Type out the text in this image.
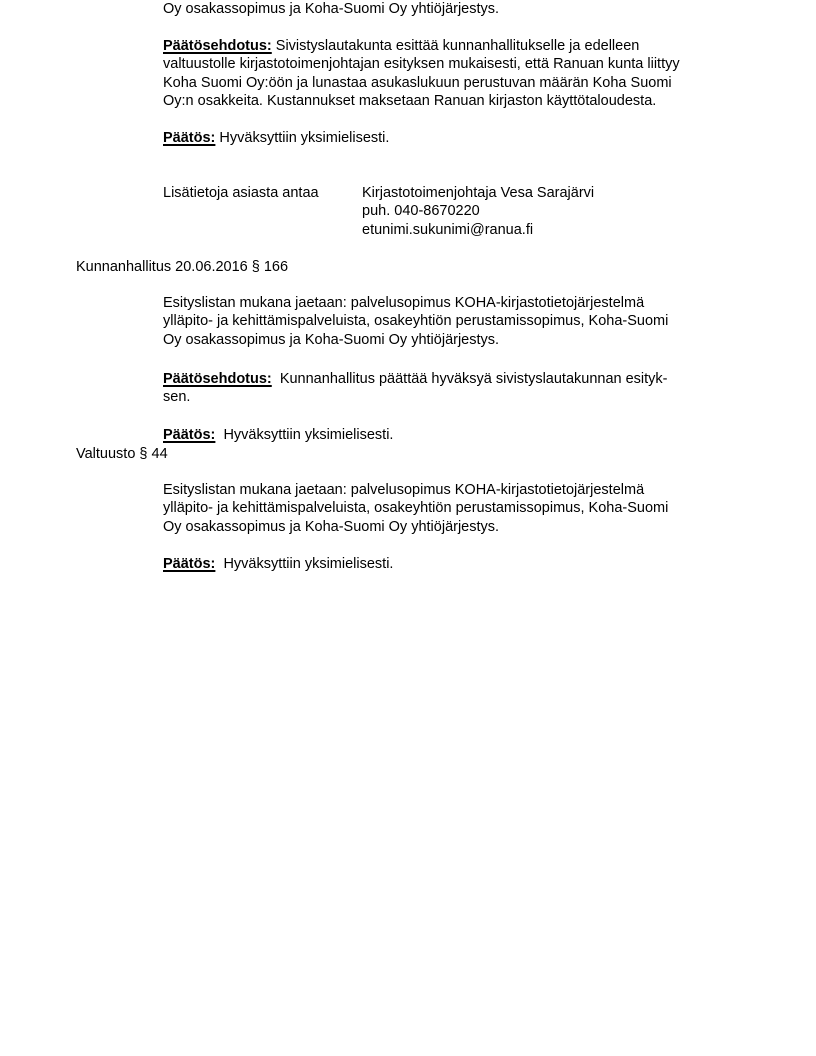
Oy osakassopimus ja Koha-Suomi Oy yhtiöjärjestys.
Päätösehdotus: Sivistyslautakunta esittää kunnanhallitukselle ja edelleen
valtuustolle kirjastotoimenjohtajan esityksen mukaisesti, että Ranuan kunta liittyy
Koha Suomi Oy:öön ja lunastaa asukaslukuun perustuvan määrän Koha Suomi
Oy:n osakkeita. Kustannukset maksetaan Ranuan kirjaston käyttötaloudesta.
Päätös: Hyväksyttiin yksimielisesti.
Lisätietoja asiasta antaa	Kirjastotoimenjohtaja Vesa Sarajärvi
puh. 040-8670220
etunimi.sukunimi@ranua.fi
Kunnanhallitus 20.06.2016 § 166
Esityslistan mukana jaetaan: palvelusopimus KOHA-kirjastotietojärjestelmä
ylläpito- ja kehittämispalveluista, osakeyhtiön perustamissopimus, Koha-Suomi
Oy osakassopimus ja Koha-Suomi Oy yhtiöjärjestys.
Päätösehdotus:  Kunnanhallitus päättää hyväksyä sivistyslautakunnan esityk-
sen.
Päätös:  Hyväksyttiin yksimielisesti.
Valtuusto § 44
Esityslistan mukana jaetaan: palvelusopimus KOHA-kirjastotietojärjestelmä
ylläpito- ja kehittämispalveluista, osakeyhtiön perustamissopimus, Koha-Suomi
Oy osakassopimus ja Koha-Suomi Oy yhtiöjärjestys.
Päätös:  Hyväksyttiin yksimielisesti.
